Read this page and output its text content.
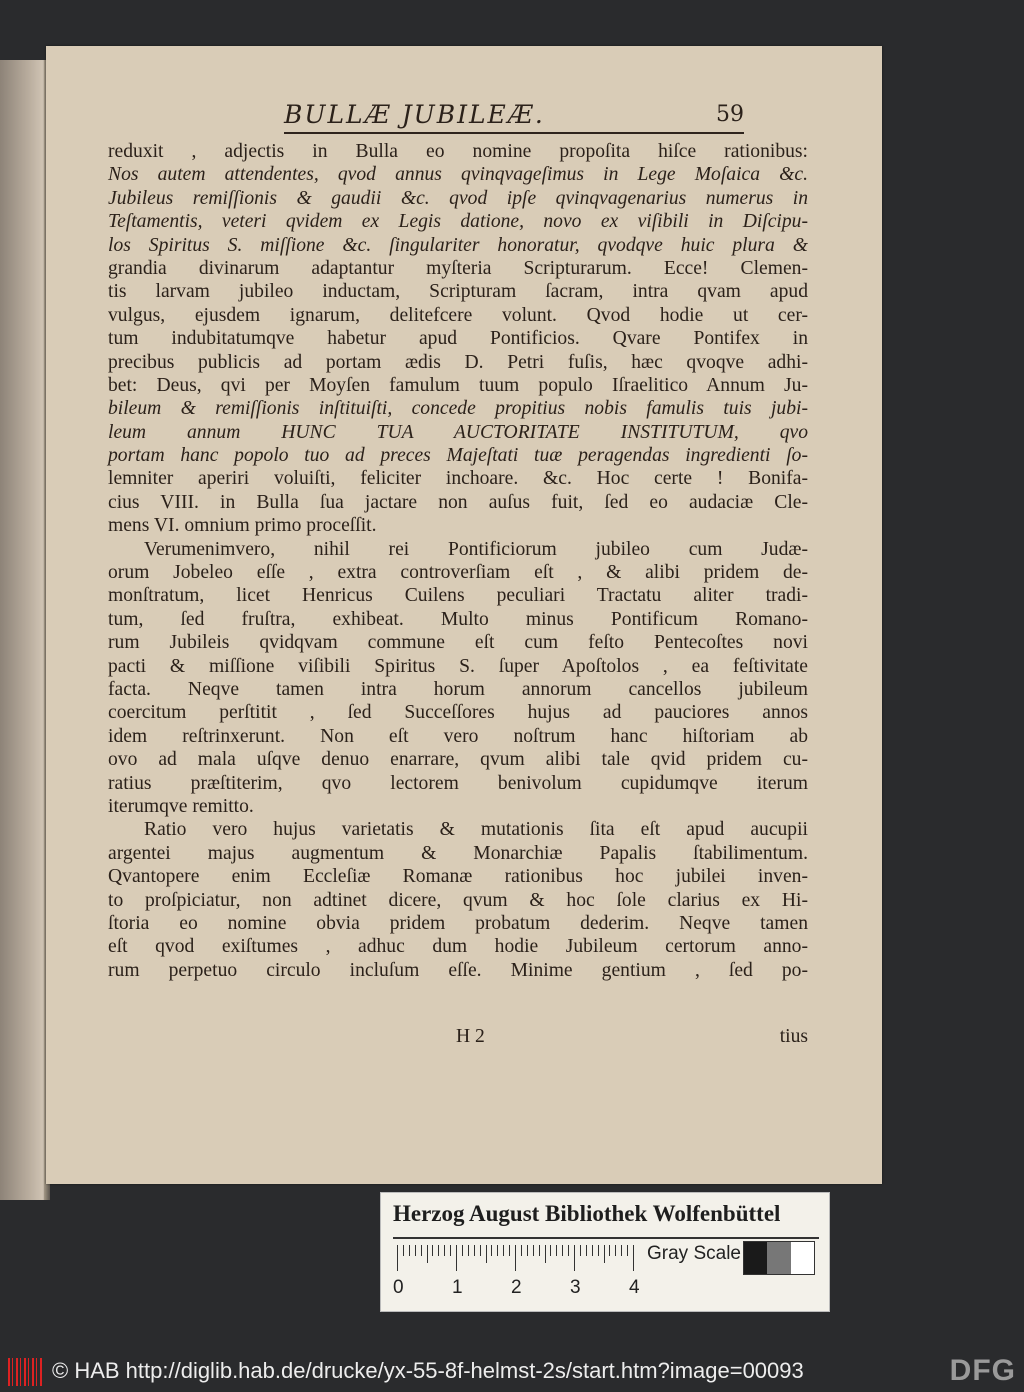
BULLÆ JUBILEÆ.	59
reduxit , adjectis in Bulla eo nomine propoſita hiſce rationibus:
Nos autem attendentes, qvod annus qvinqvageſimus in Lege Moſaica &c.
Jubileus remiſſionis & gaudii &c. qvod ipſe qvinqvagenarius numerus in
Teſtamentis, veteri qvidem ex Legis datione, novo ex viſibili in Diſcipu-
los Spiritus S. miſſione &c. ſingulariter honoratur, qvodqve huic plura &
grandia divinarum adaptantur myſteria Scripturarum. Ecce! Clemen-
tis larvam jubileo inductam, Scripturam ſacram, intra qvam apud
vulgus, ejusdem ignarum, delitefcere volunt. Qvod hodie ut cer-
tum indubitatumqve habetur apud Pontificios. Qvare Pontifex in
precibus publicis ad portam ædis D. Petri fuſis, hæc qvoqve adhi-
bet: Deus, qvi per Moyſen famulum tuum populo Iſraelitico Annum Ju-
bileum & remiſſionis inſtituiſti, concede propitius nobis famulis tuis jubi-
leum annum HUNC TUA AUCTORITATE INSTITUTUM, qvo
portam hanc popolo tuo ad preces Majeſtati tuæ peragendas ingredienti ſo-
lemniter aperiri voluiſti, feliciter inchoare. &c. Hoc certe ! Bonifa-
cius VIII. in Bulla ſua jactare non auſus fuit, ſed eo audaciæ Cle-
mens VI. omnium primo proceſſit.
Verumenimvero, nihil rei Pontificiorum jubileo cum Judæ-
orum Jobeleo eſſe , extra controverſiam eſt , & alibi pridem de-
monſtratum, licet Henricus Cuilens peculiari Tractatu aliter tradi-
tum, ſed fruſtra, exhibeat. Multo minus Pontificum Romano-
rum Jubileis qvidqvam commune eſt cum feſto Pentecoſtes novi
pacti & miſſione viſibili Spiritus S. ſuper Apoſtolos , ea feſtivitate
facta. Neqve tamen intra horum annorum cancellos jubileum
coercitum perſtitit , ſed Succeſſores hujus ad pauciores annos
idem reſtrinxerunt. Non eſt vero noſtrum hanc hiſtoriam ab
ovo ad mala uſqve denuo enarrare, qvum alibi tale qvid pridem cu-
ratius præſtiterim, qvo lectorem benivolum cupidumqve iterum
iterumqve remitto.
Ratio vero hujus varietatis & mutationis ſita eſt apud aucupii
argentei majus augmentum & Monarchiæ Papalis ſtabilimentum.
Qvantopere enim Eccleſiæ Romanæ rationibus hoc jubilei inven-
to proſpiciatur, non adtinet dicere, qvum & hoc ſole clarius ex Hi-
ſtoria eo nomine obvia pridem probatum dederim. Neqve tamen
eſt qvod exiſtumes , adhuc dum hodie Jubileum certorum anno-
rum perpetuo circulo incluſum eſſe. Minime gentium , ſed po-
H 2	tius
Herzog August Bibliothek Wolfenbüttel
0	1	2	3	4
Gray Scale
© HAB http://diglib.hab.de/drucke/yx-55-8f-helmst-2s/start.htm?image=00093	DFG
